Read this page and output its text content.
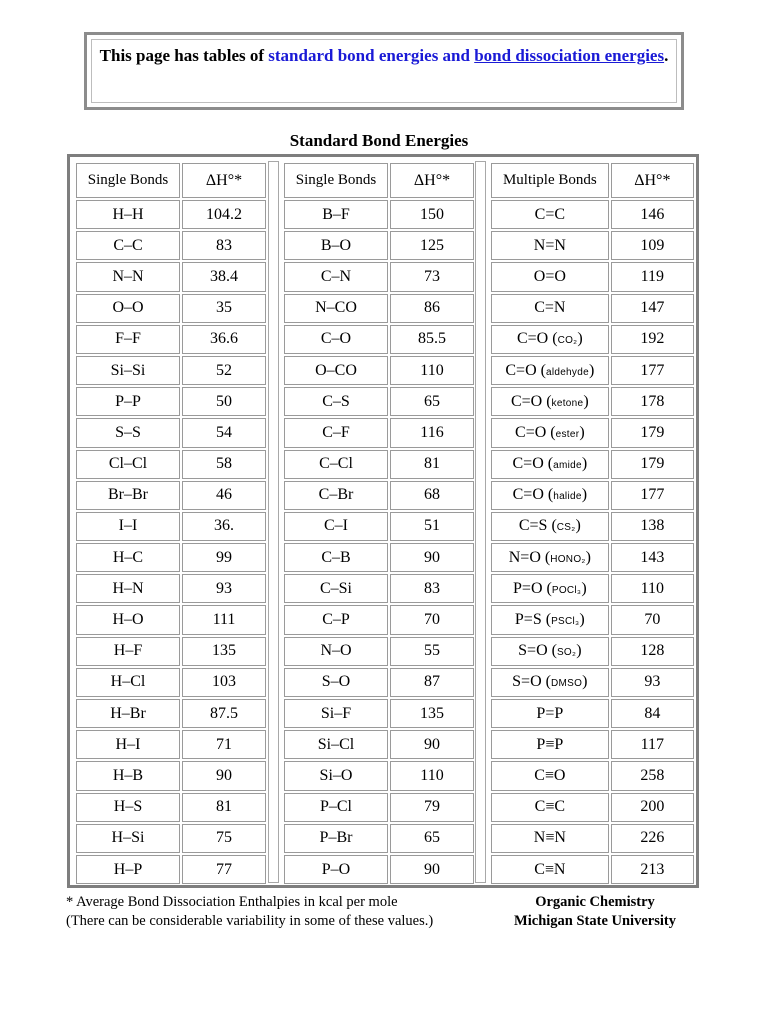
This page has tables of standard bond energies and bond dissociation energies.
Standard Bond Energies
Single Bonds	ΔH°*
H–H	104.2
C–C	83
N–N	38.4
O–O	35
F–F	36.6
Si–Si	52
P–P	50
S–S	54
Cl–Cl	58
Br–Br	46
I–I	36.
H–C	99
H–N	93
H–O	111
H–F	135
H–Cl	103
H–Br	87.5
H–I	71
H–B	90
H–S	81
H–Si	75
H–P	77
Single Bonds	ΔH°*
B–F	150
B–O	125
C–N	73
N–CO	86
C–O	85.5
O–CO	110
C–S	65
C–F	116
C–Cl	81
C–Br	68
C–I	51
C–B	90
C–Si	83
C–P	70
N–O	55
S–O	87
Si–F	135
Si–Cl	90
Si–O	110
P–Cl	79
P–Br	65
P–O	90
Multiple Bonds	ΔH°*
C=C	146
N=N	109
O=O	119
C=N	147
C=O (CO₂)	192
C=O (aldehyde)	177
C=O (ketone)	178
C=O (ester)	179
C=O (amide)	179
C=O (halide)	177
C=S (CS₂)	138
N=O (HONO₂)	143
P=O (POCl₃)	110
P=S (PSCl₃)	70
S=O (SO₂)	128
S=O (DMSO)	93
P=P	84
P≡P	117
C≡O	258
C≡C	200
N≡N	226
C≡N	213
* Average Bond Dissociation Enthalpies in kcal per mole
(There can be considerable variability in some of these values.)
Organic Chemistry
Michigan State University
